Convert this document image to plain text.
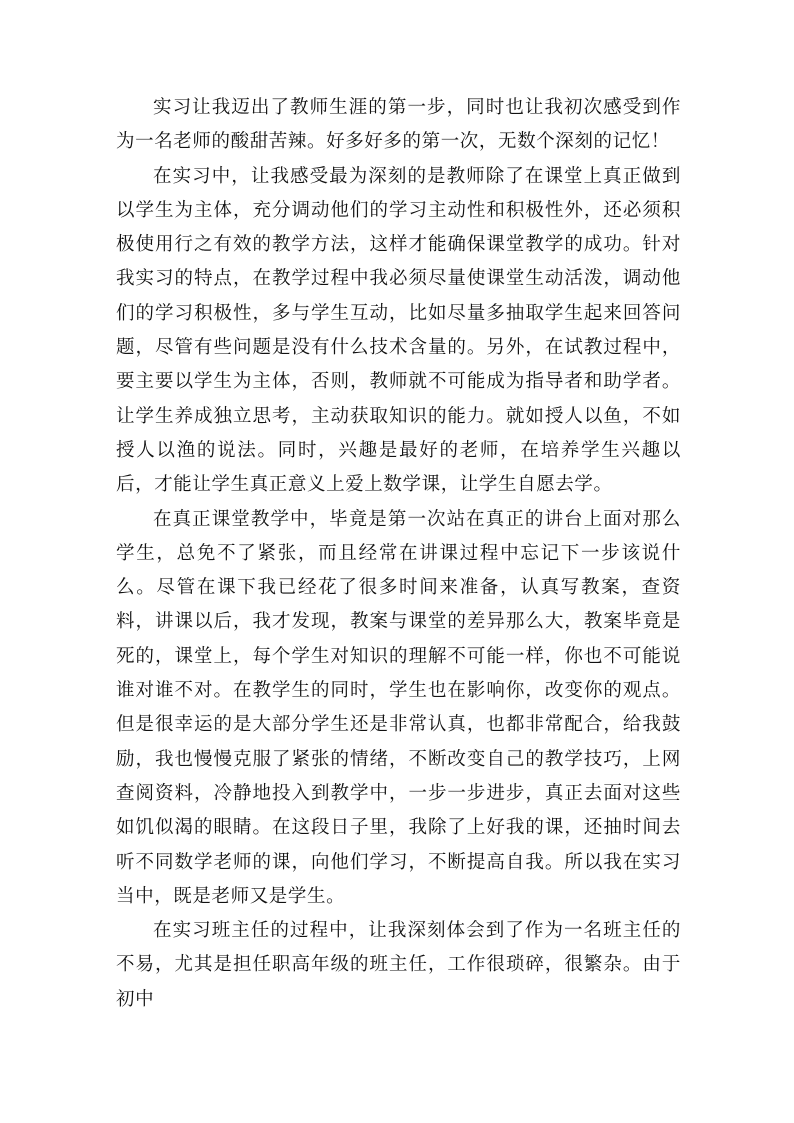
实习让我迈出了教师生涯的第一步，同时也让我初次感受到作为一名老师的酸甜苦辣。好多好多的第一次，无数个深刻的记忆！

在实习中，让我感受最为深刻的是教师除了在课堂上真正做到以学生为主体，充分调动他们的学习主动性和积极性外，还必须积极使用行之有效的教学方法，这样才能确保课堂教学的成功。针对我实习的特点，在教学过程中我必须尽量使课堂生动活泼，调动他们的学习积极性，多与学生互动，比如尽量多抽取学生起来回答问题，尽管有些问题是没有什么技术含量的。另外，在试教过程中，要主要以学生为主体，否则，教师就不可能成为指导者和助学者。让学生养成独立思考，主动获取知识的能力。就如授人以鱼，不如授人以渔的说法。同时，兴趣是最好的老师，在培养学生兴趣以后，才能让学生真正意义上爱上数学课，让学生自愿去学。

在真正课堂教学中，毕竟是第一次站在真正的讲台上面对那么学生，总免不了紧张，而且经常在讲课过程中忘记下一步该说什么。尽管在课下我已经花了很多时间来准备，认真写教案，查资料，讲课以后，我才发现，教案与课堂的差异那么大，教案毕竟是死的，课堂上，每个学生对知识的理解不可能一样，你也不可能说谁对谁不对。在教学生的同时，学生也在影响你，改变你的观点。但是很幸运的是大部分学生还是非常认真，也都非常配合，给我鼓励，我也慢慢克服了紧张的情绪，不断改变自己的教学技巧，上网查阅资料，冷静地投入到教学中，一步一步进步，真正去面对这些如饥似渴的眼睛。在这段日子里，我除了上好我的课，还抽时间去听不同数学老师的课，向他们学习，不断提高自我。所以我在实习当中，既是老师又是学生。

在实习班主任的过程中，让我深刻体会到了作为一名班主任的不易，尤其是担任职高年级的班主任，工作很琐碎，很繁杂。由于初中
